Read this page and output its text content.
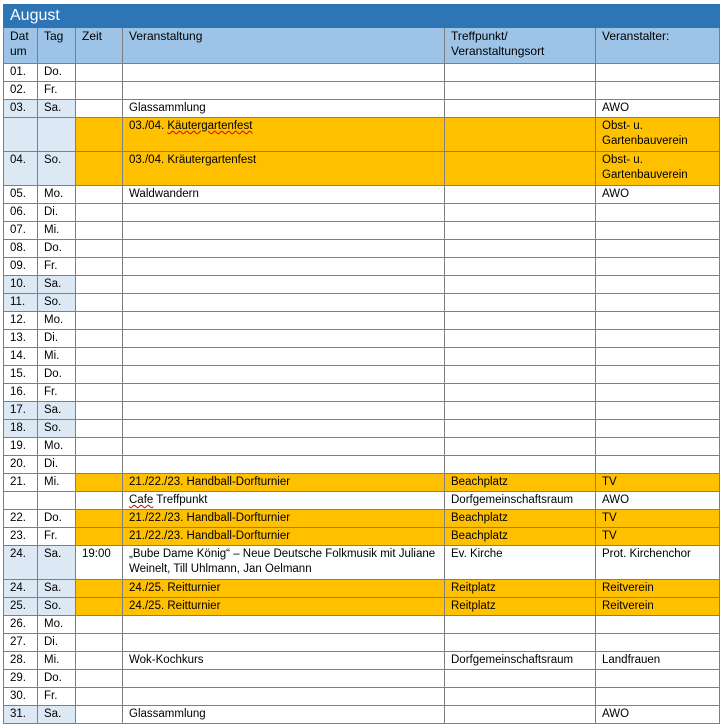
August					
Dat um	Tag	Zeit	Veranstaltung	Treffpunkt/ Veranstaltungsort	Veranstalter:
01.	Do.				
02.	Fr.				
03.	Sa.		Glassammlung		AWO
			03./04. Käutergartenfest		Obst- u. Gartenbauverein
04.	So.		03./04. Kräutergartenfest		Obst- u. Gartenbauverein
05.	Mo.		Waldwandern		AWO
06.	Di.				
07.	Mi.				
08.	Do.				
09.	Fr.				
10.	Sa.				
11.	So.				
12.	Mo.				
13.	Di.				
14.	Mi.				
15.	Do.				
16.	Fr.				
17.	Sa.				
18.	So.				
19.	Mo.				
20.	Di.				
21.	Mi.		21./22./23. Handball-Dorfturnier	Beachplatz	TV
			Cafe Treffpunkt	Dorfgemeinschaftsraum	AWO
22.	Do.		21./22./23. Handball-Dorfturnier	Beachplatz	TV
23.	Fr.		21./22./23. Handball-Dorfturnier	Beachplatz	TV
24.	Sa.	19:00	„Bube Dame König“ – Neue Deutsche Folkmusik mit Juliane Weinelt, Till Uhlmann, Jan Oelmann	Ev. Kirche	Prot. Kirchenchor
24.	Sa.		24./25. Reitturnier	Reitplatz	Reitverein
25.	So.		24./25. Reitturnier	Reitplatz	Reitverein
26.	Mo.				
27.	Di.				
28.	Mi.		Wok-Kochkurs	Dorfgemeinschaftsraum	Landfrauen
29.	Do.				
30.	Fr.				
31.	Sa.		Glassammlung		AWO
